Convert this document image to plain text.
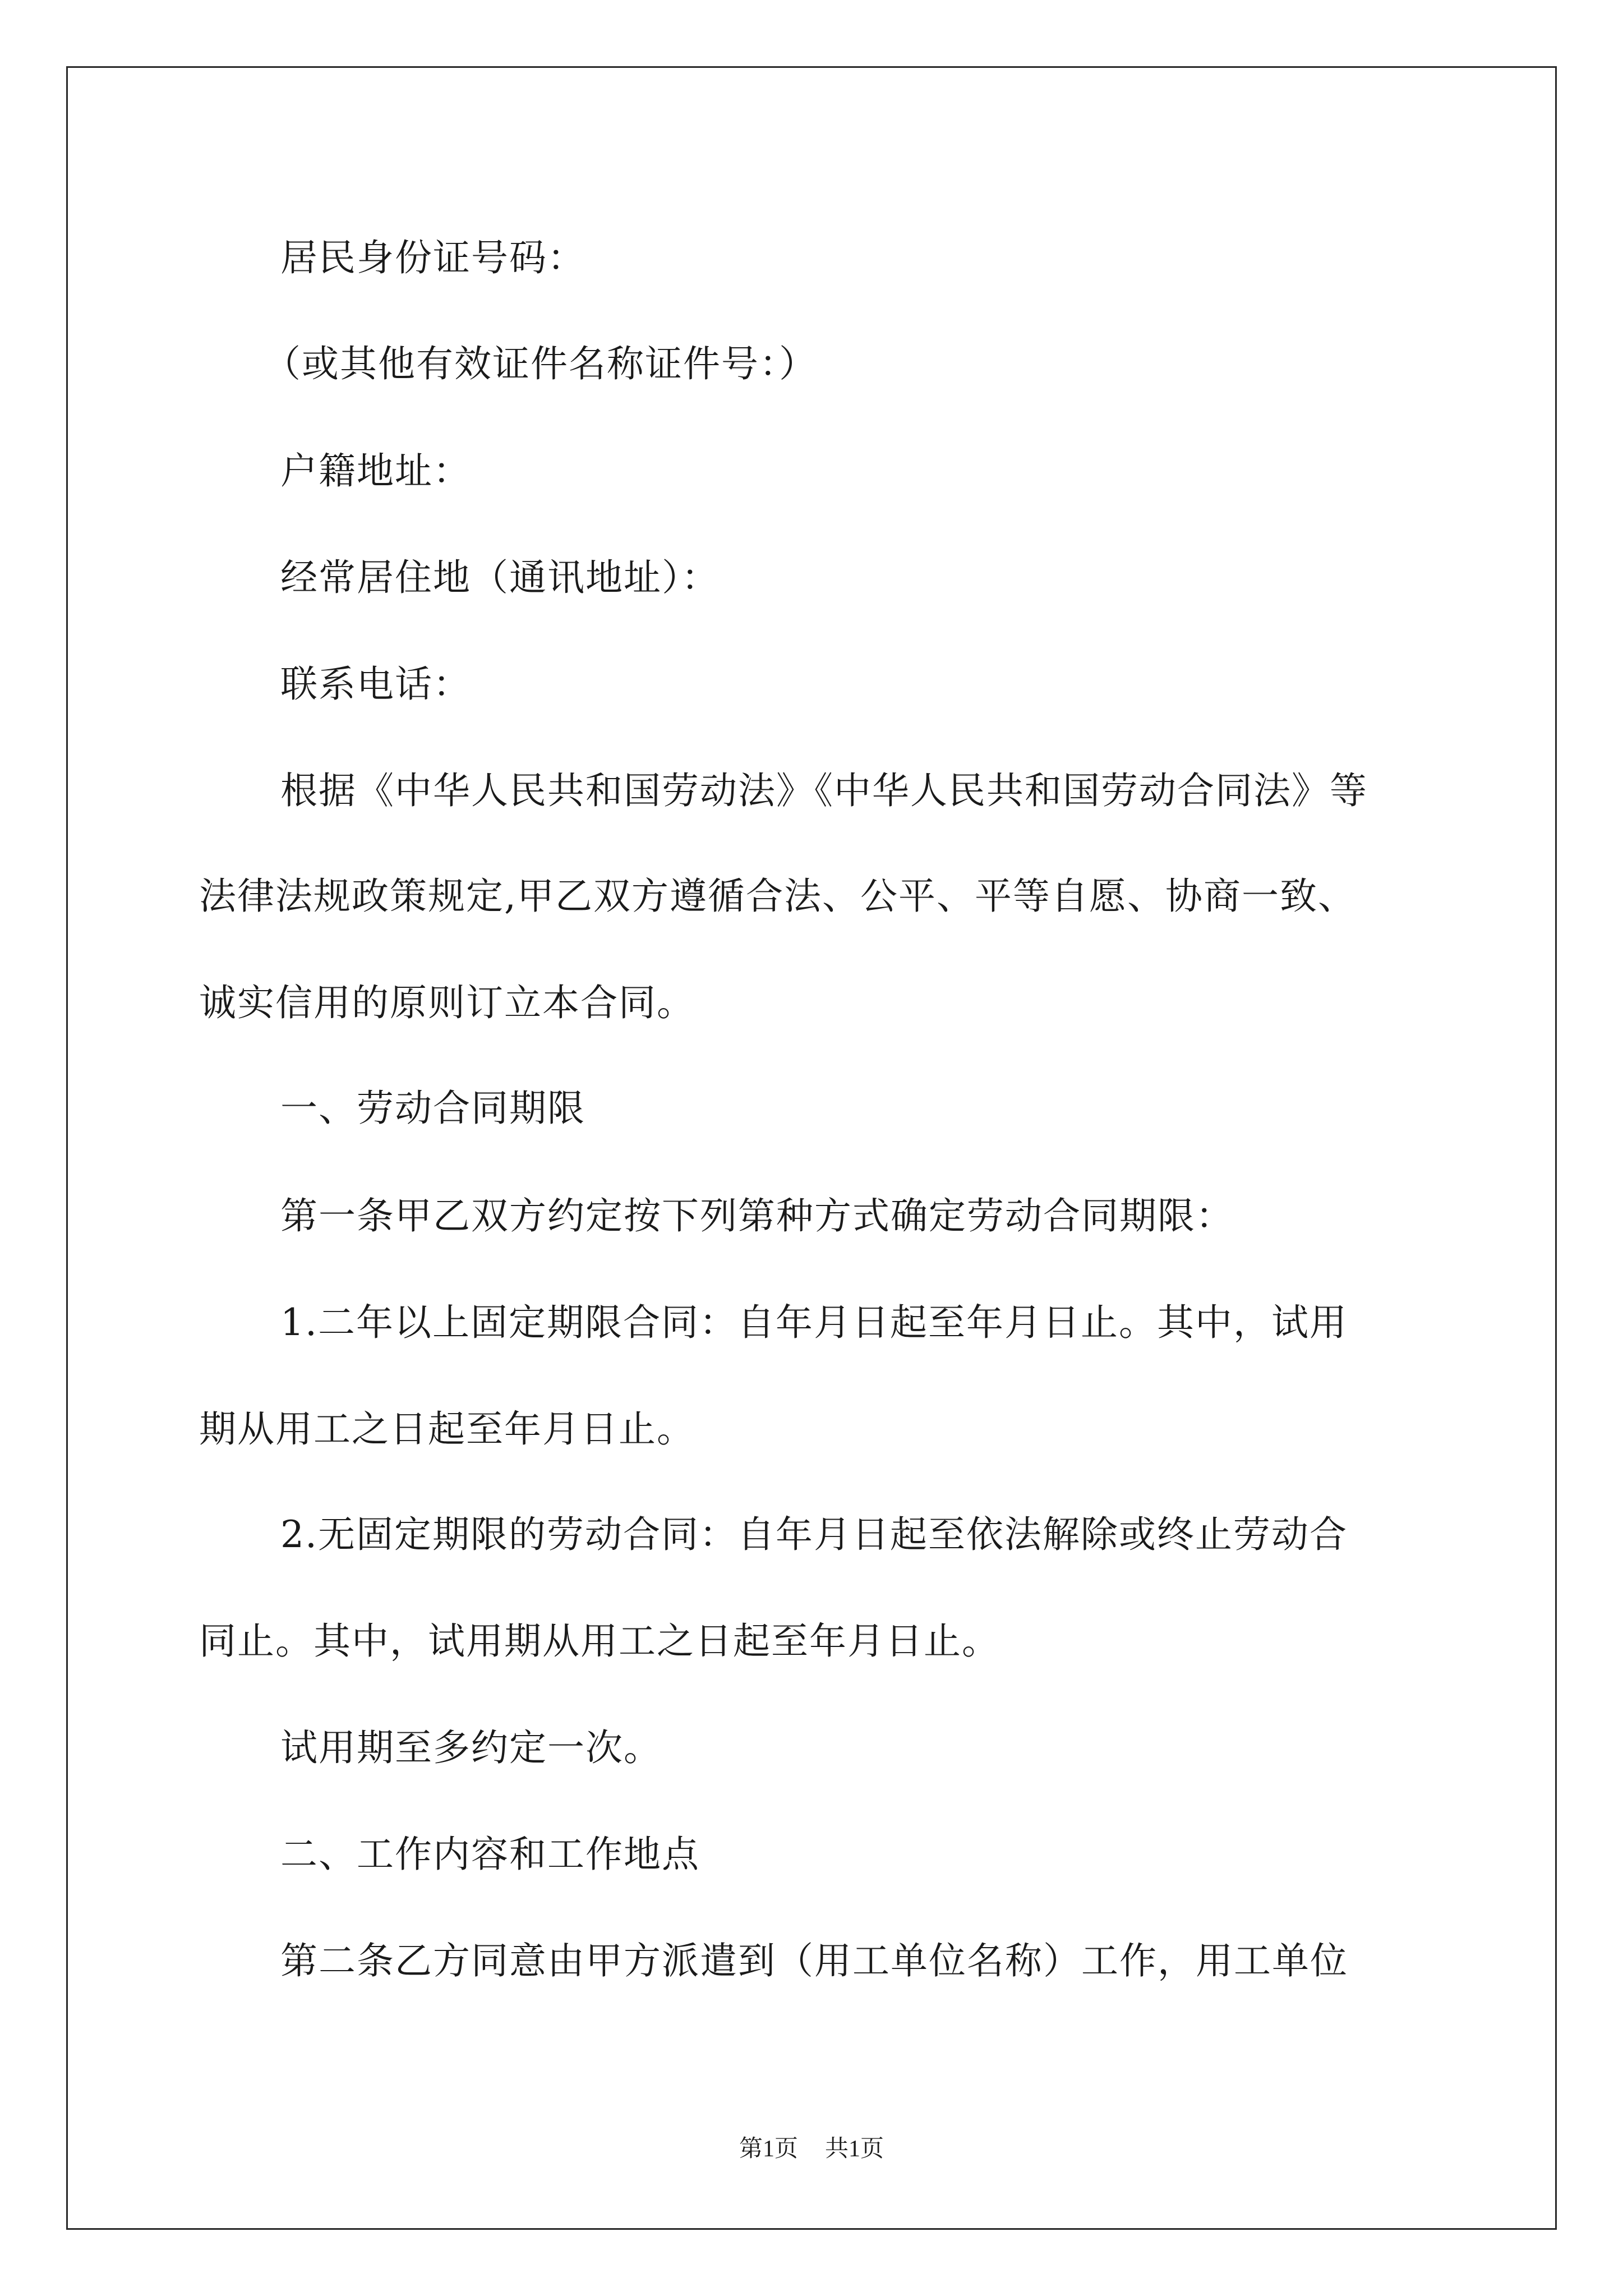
居民身份证号码：
（或其他有效证件名称证件号：）
户籍地址：
经常居住地（通讯地址）：
联系电话：
根据《中华人民共和国劳动法》《中华人民共和国劳动合同法》等
法律法规政策规定,甲乙双方遵循合法、公平、平等自愿、协商一致、
诚实信用的原则订立本合同。
一、劳动合同期限
第一条甲乙双方约定按下列第种方式确定劳动合同期限：
1.二年以上固定期限合同：自年月日起至年月日止。其中，试用
期从用工之日起至年月日止。
2.无固定期限的劳动合同：自年月日起至依法解除或终止劳动合
同止。其中，试用期从用工之日起至年月日止。
试用期至多约定一次。
二、工作内容和工作地点
第二条乙方同意由甲方派遣到（用工单位名称）工作，用工单位
第1页 共1页
